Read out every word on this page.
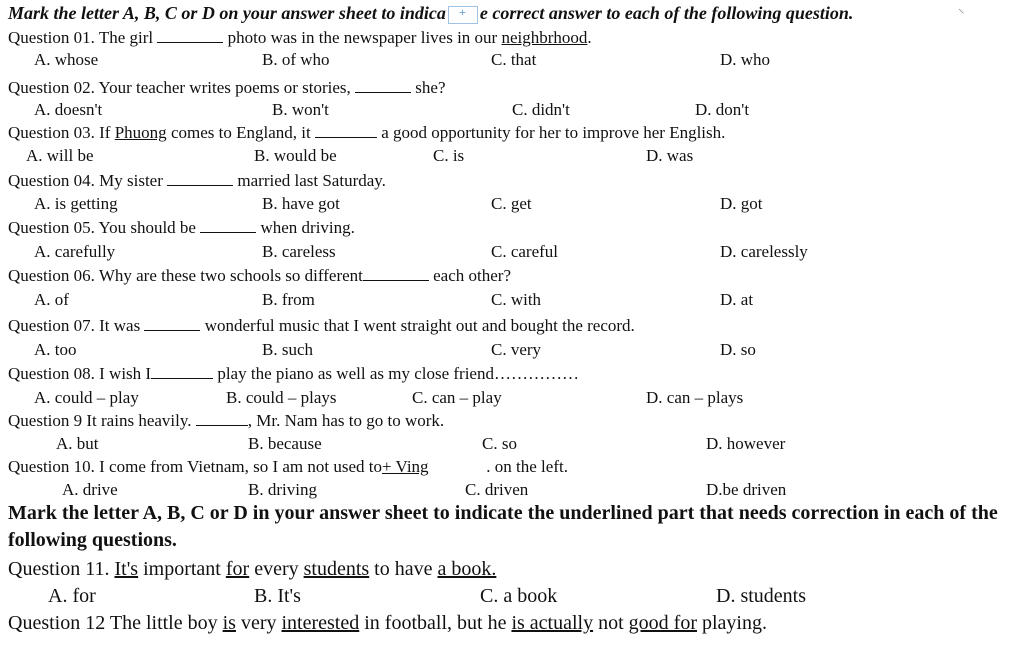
Mark the letter A, B, C or D on your answer sheet to indica+ e correct answer to each of the following question.	⸌
Question 01. The girl	photo was in the newspaper lives in our neighbrhood.
A. whose	B. of who	C. that	D. who
Question 02. Your teacher writes poems or stories,	she?
A. doesn't	B. won't	C. didn't	D. don't
Question 03. If Phuong comes to England, it	a good opportunity for her to improve her English.
A. will be	B. would be	C. is	D. was
Question 04. My sister	married last Saturday.
A. is getting	B. have got	C. get	D. got
Question 05. You should be	when driving.
A. carefully	B. careless	C. careful	D. carelessly
Question 06. Why are these two schools so different	each other?
A. of	B. from	C. with	D. at
Question 07. It was	wonderful music that I went straight out and bought the record.
A. too	B. such	C. very	D. so
Question 08. I wish I	play the piano as well as my close friend……………
A. could – play	B. could – plays	C. can – play	D. can – plays
Question 9 It rains heavily.	, Mr. Nam has to go to work.
A. but	B. because	C. so	D. however
Question 10. I come from Vietnam, so I am not used to+ Ving	. on the left.
A. drive	B. driving	C. driven	D.be driven
Mark the letter A, B, C or D in your answer sheet to indicate the underlined part that needs correction in each of the following questions.
Question 11. It's important for every students to have a book.
A. for	B. It's	C. a book	D. students
Question 12 The little boy is very interested in football, but he is actually not good for playing.
